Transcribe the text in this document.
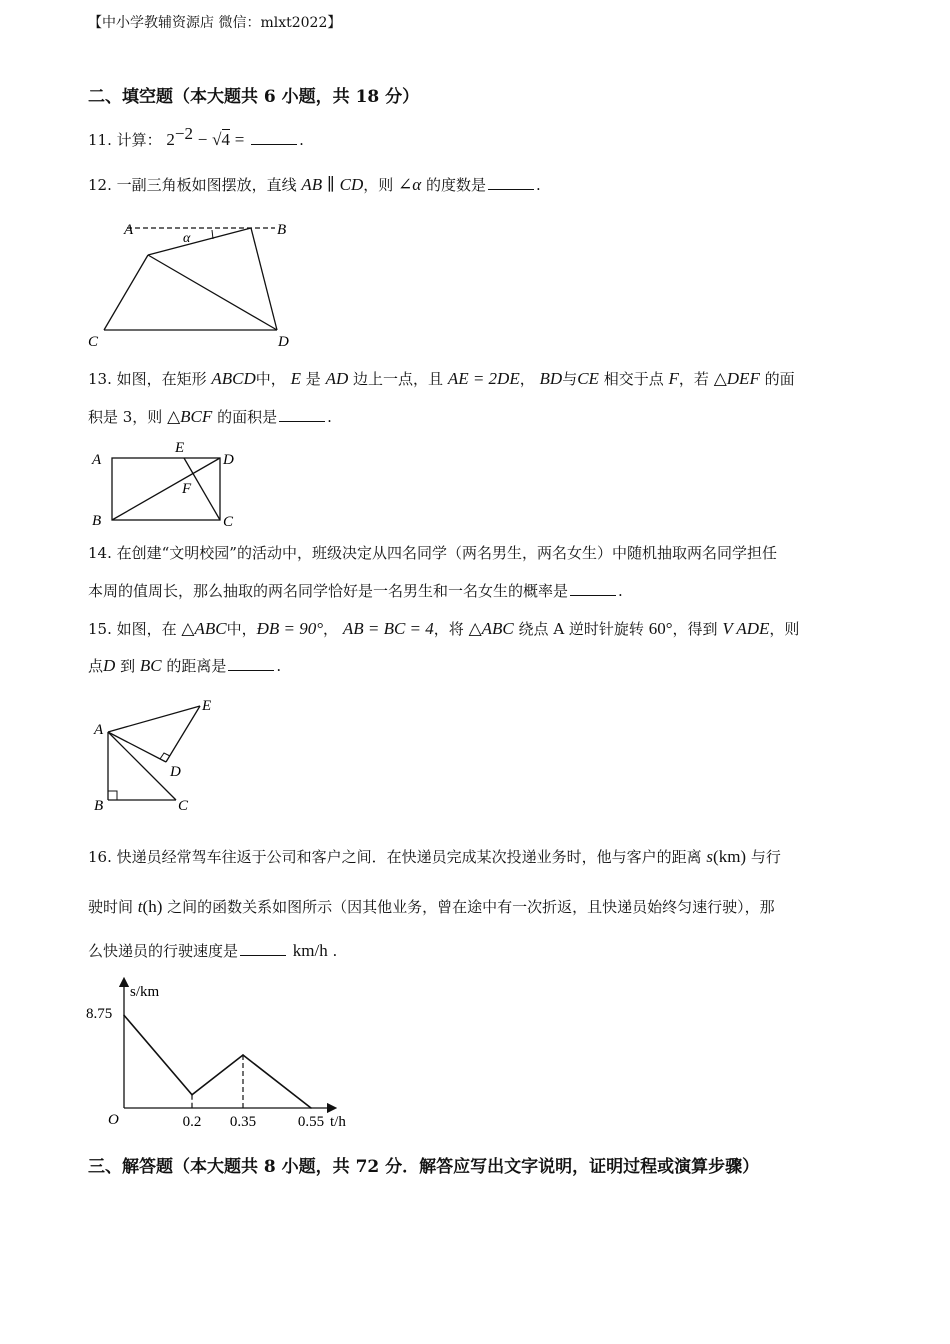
【中小学教辅资源店 微信：mlxt2022】
二、填空题（本大题共 6 小题，共 18 分）
11. 计算： $2^{-2} - √4$ =	.
12. 一副三角板如图摆放，直线 AB ∥ CD，则 ∠α 的度数是	.
A	B
C	D
α
13. 如图，在矩形 ABCD中， E 是 AD 边上一点，且 AE = 2DE， BD与CE 相交于点 F，若 △DEF 的面
积是 3，则 △BCF 的面积是	.
A
B	C
D
E
F
14. 在创建“文明校园”的活动中，班级决定从四名同学（两名男生，两名女生）中随机抽取两名同学担任
本周的值周长，那么抽取的两名同学恰好是一名男生和一名女生的概率是	.
15. 如图，在 △ABC中，ÐB = 90°， AB = BC = 4，将 △ABC 绕点 A 逆时针旋转 60°，得到 V ADE，则
点D 到 BC 的距离是	.
A
B	C
D
E
16. 快递员经常驾车往返于公司和客户之间．在快递员完成某次投递业务时，他与客户的距离 s(km) 与行
驶时间 t(h) 之间的函数关系如图所示（因其他业务，曾在途中有一次折返，且快递员始终匀速行驶），那
么快递员的行驶速度是	km/h .
s/km
t/h
O
8.75
0.2 0.35	0.55
三、解答题（本大题共 8 小题，共 72 分．解答应写出文字说明，证明过程或演算步骤）
